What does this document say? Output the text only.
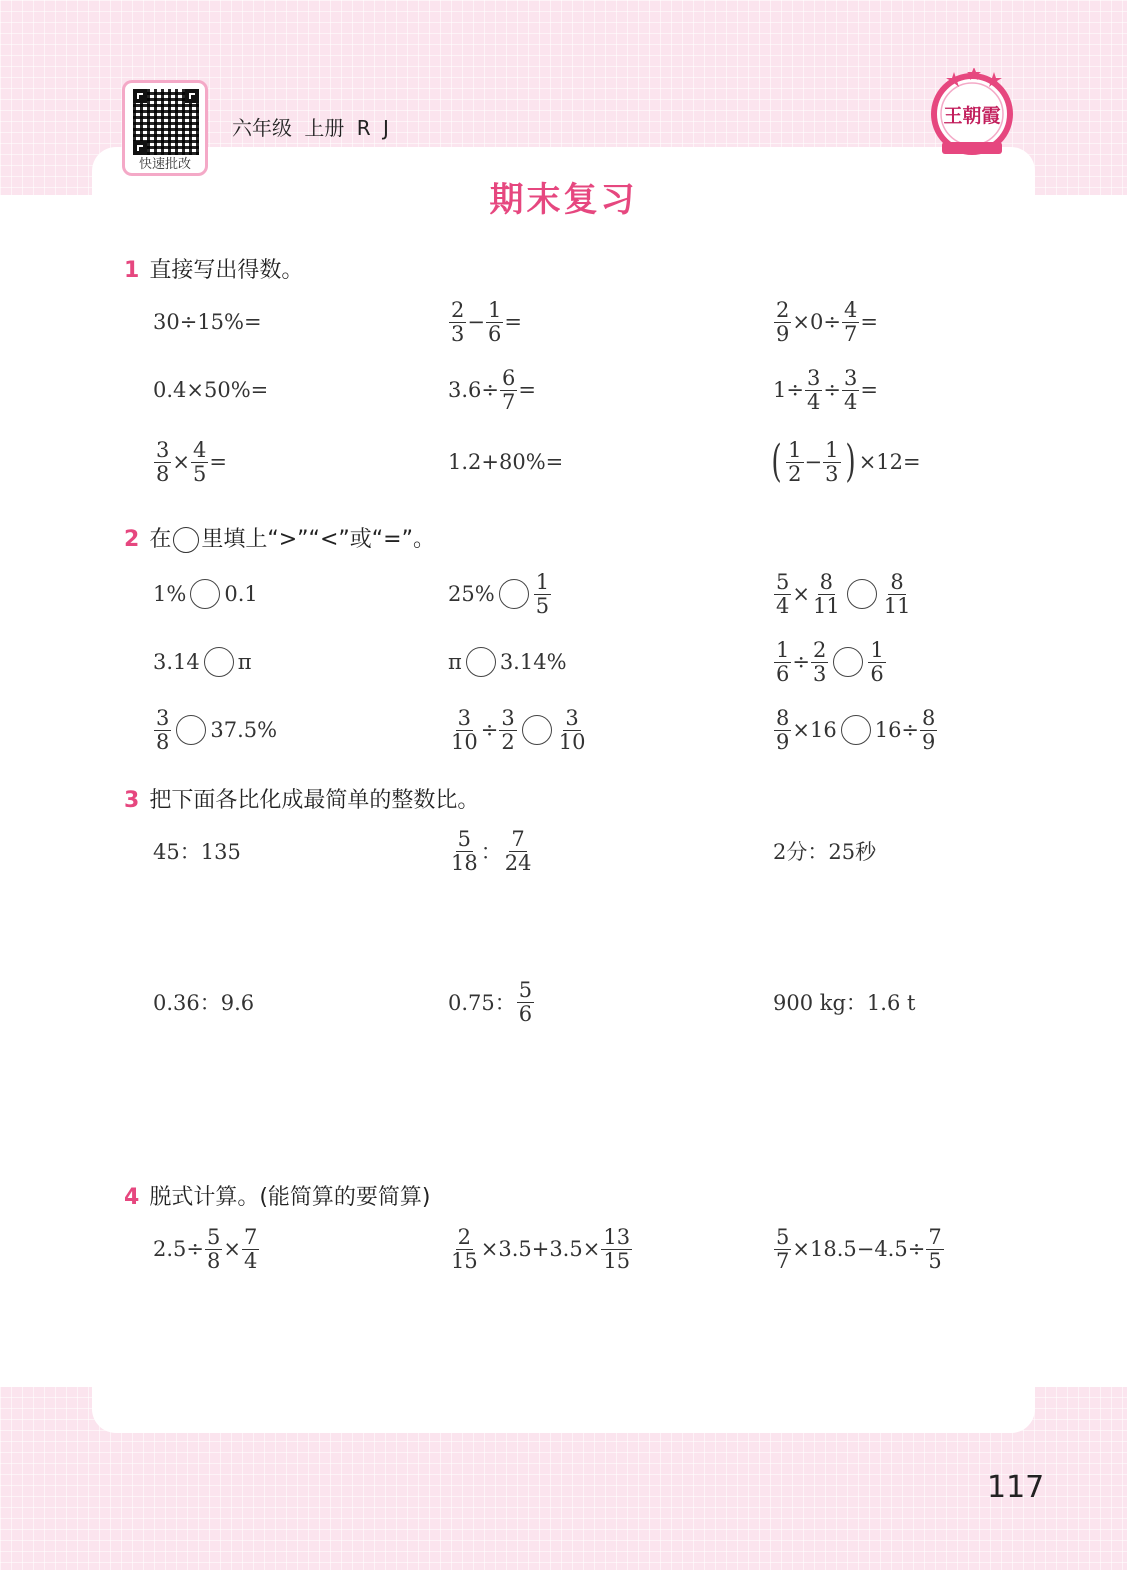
快速批改
六年级 上册 R J	王朝霞
期末复习
1 直接写出得数。
30÷15%=	$\frac{2}{3} - \frac{1}{6}$ =	$\frac{2}{9} \times 0\div \frac{4}{7}$ =
0.4×50%=	$3.6\div \frac{6}{7}$ =	$1\div \frac{3}{4} \div \frac{3}{4}$ =
$\frac{3}{8} \times \frac{4}{5}$ =	1.2+80%=	( $\frac{1}{2} - \frac{1}{3}$ ) ×12=
2 在 里填上“>”“<”或“=”。
1% 0.1	$25\% \frac{1}{5}$	$\frac{5}{4} \times \frac{8}{11} \frac{8}{11}$
3.14 π	π 3.14%	$\frac{1}{6} \div \frac{2}{3} \frac{1}{6}$
$\frac{3}{8} 37.5\%$	$\frac{3}{10} \div \frac{3}{2} \frac{3}{10}$	$\frac{8}{9} \times 16$ $16\div \frac{8}{9}$
3 把下面各比化成最简单的整数比。
45：135	$\frac{5}{18}$ ： $\frac{7}{24}$	2分：25秒
0.36：9.6	0.75： $\frac{5}{6}$	900 kg：1.6 t
4 脱式计算。(能简算的要简算)
$2.5\div \frac{5}{8} \times \frac{7}{4}$	$\frac{2}{15} \times 3.5+3.5\times \frac{13}{15}$	$\frac{5}{7} \times 18.5-4.5\div \frac{7}{5}$
117
